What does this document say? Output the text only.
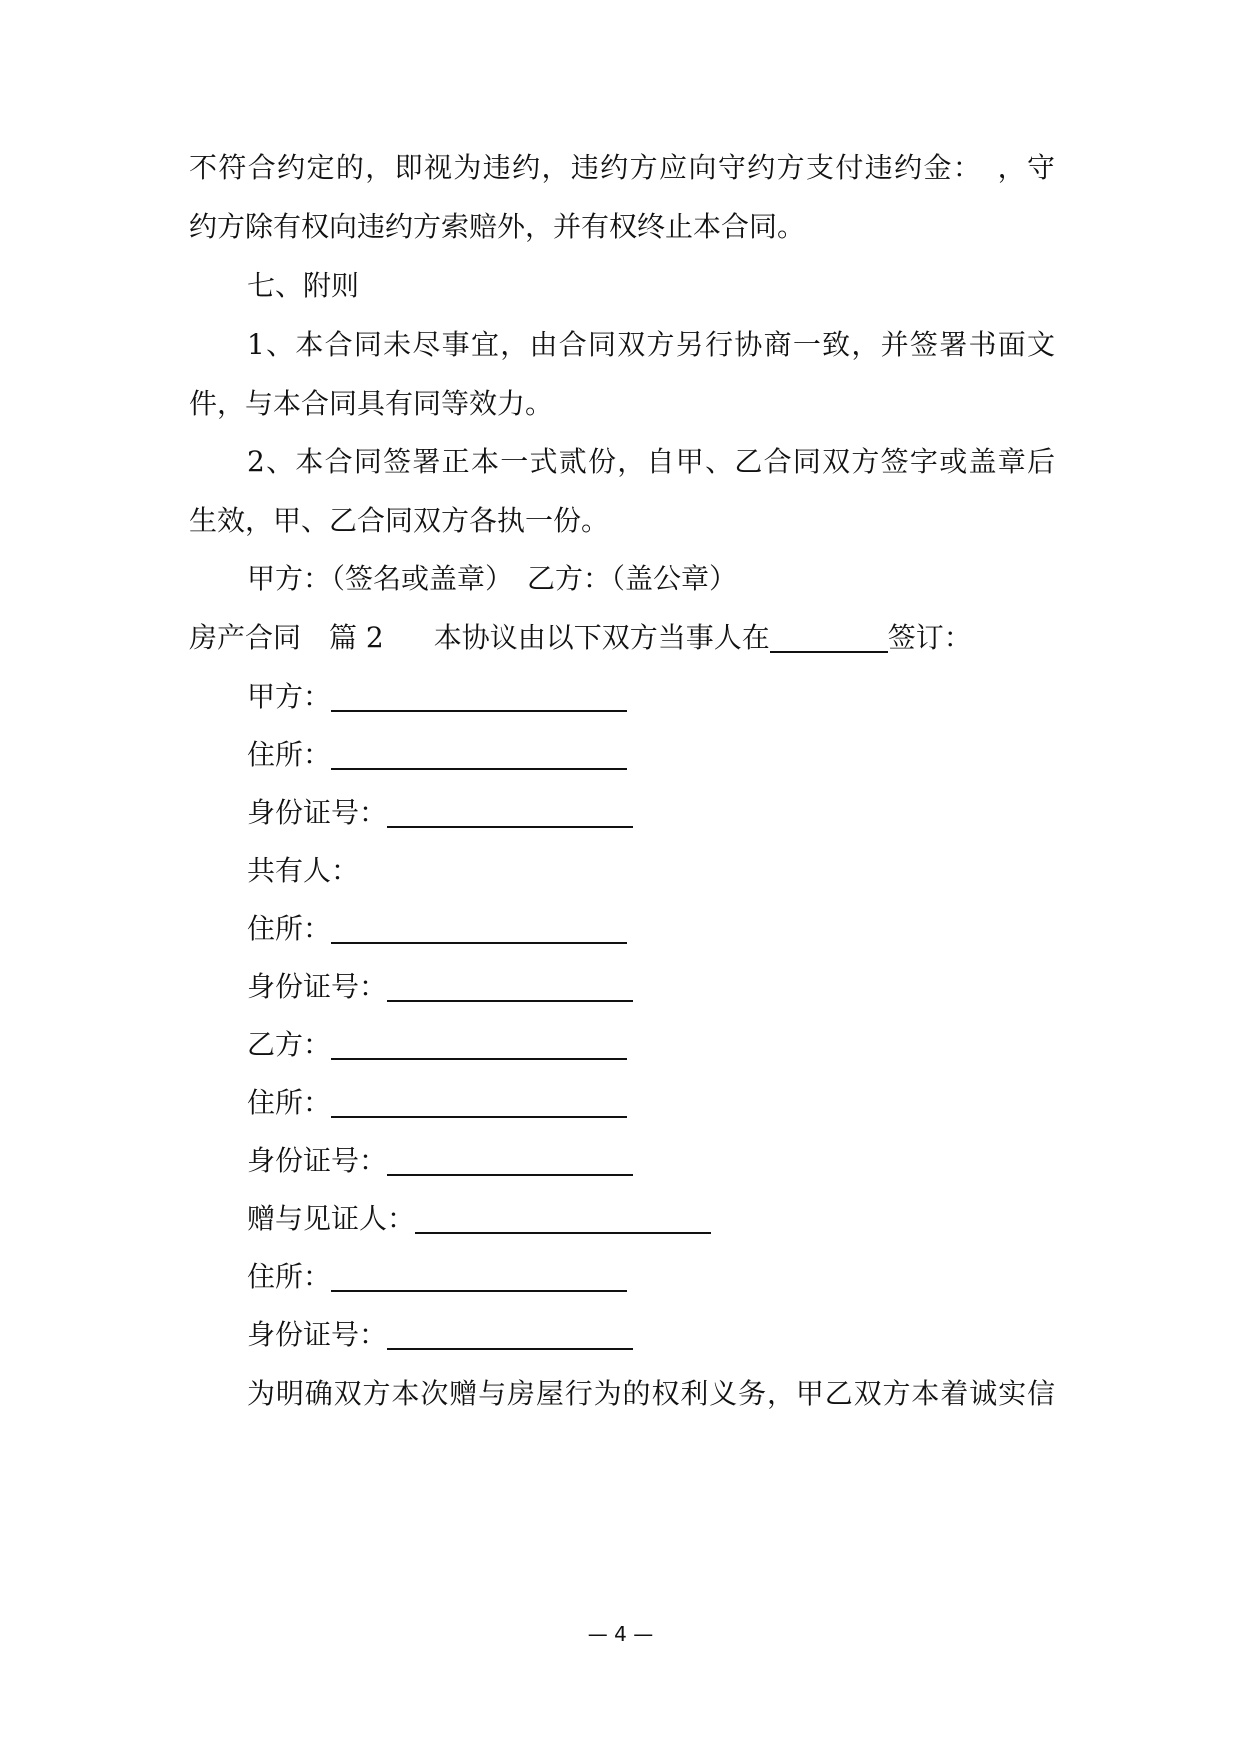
不符合约定的，即视为违约，违约方应向守约方支付违约金：　，守
约方除有权向违约方索赔外，并有权终止本合同。
七、附则
1、本合同未尽事宜，由合同双方另行协商一致，并签署书面文
件，与本合同具有同等效力。
2、本合同签署正本一式贰份，自甲、乙合同双方签字或盖章后
生效，甲、乙合同双方各执一份。
甲方：（签名或盖章）　乙方：（盖公章）
房产合同　篇 2 本协议由以下双方当事人在	签订：
甲方：
住所：
身份证号：
共有人：
住所：
身份证号：
乙方：
住所：
身份证号：
赠与见证人：
住所：
身份证号：
为明确双方本次赠与房屋行为的权利义务，甲乙双方本着诚实信
— 4 —
